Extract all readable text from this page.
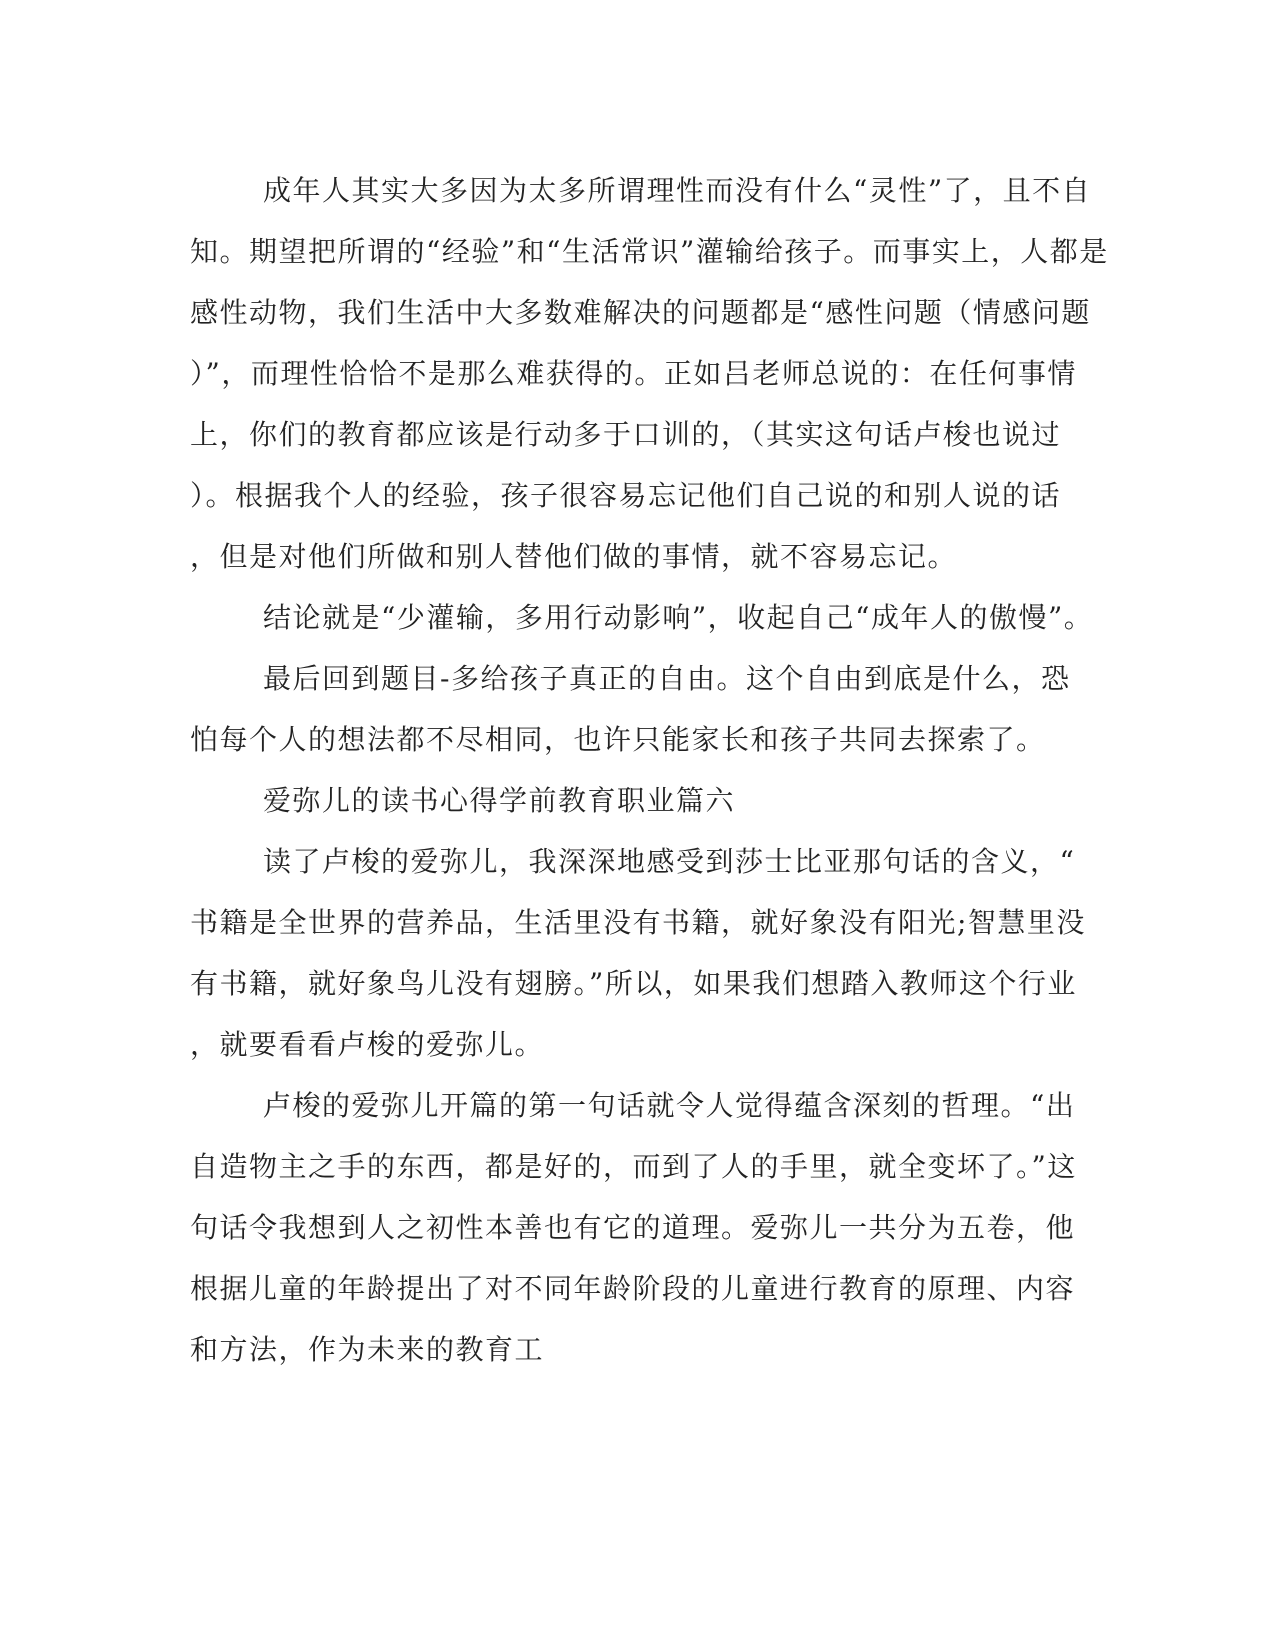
成年人其实大多因为太多所谓理性而没有什么“灵性”了，且不自
知。期望把所谓的“经验”和“生活常识”灌输给孩子。而事实上，人都是
感性动物，我们生活中大多数难解决的问题都是“感性问题（情感问题
）”，而理性恰恰不是那么难获得的。正如吕老师总说的：在任何事情
上，你们的教育都应该是行动多于口训的，（其实这句话卢梭也说过
）。根据我个人的经验，孩子很容易忘记他们自己说的和别人说的话
，但是对他们所做和别人替他们做的事情，就不容易忘记。
结论就是“少灌输，多用行动影响”，收起自己“成年人的傲慢”。
最后回到题目-多给孩子真正的自由。这个自由到底是什么，恐
怕每个人的想法都不尽相同，也许只能家长和孩子共同去探索了。
爱弥儿的读书心得学前教育职业篇六
读了卢梭的爱弥儿，我深深地感受到莎士比亚那句话的含义，“
书籍是全世界的营养品，生活里没有书籍，就好象没有阳光;智慧里没
有书籍，就好象鸟儿没有翅膀。”所以，如果我们想踏入教师这个行业
，就要看看卢梭的爱弥儿。
卢梭的爱弥儿开篇的第一句话就令人觉得蕴含深刻的哲理。“出
自造物主之手的东西，都是好的，而到了人的手里，就全变坏了。”这
句话令我想到人之初性本善也有它的道理。爱弥儿一共分为五卷，他
根据儿童的年龄提出了对不同年龄阶段的儿童进行教育的原理、内容
和方法，作为未来的教育工
